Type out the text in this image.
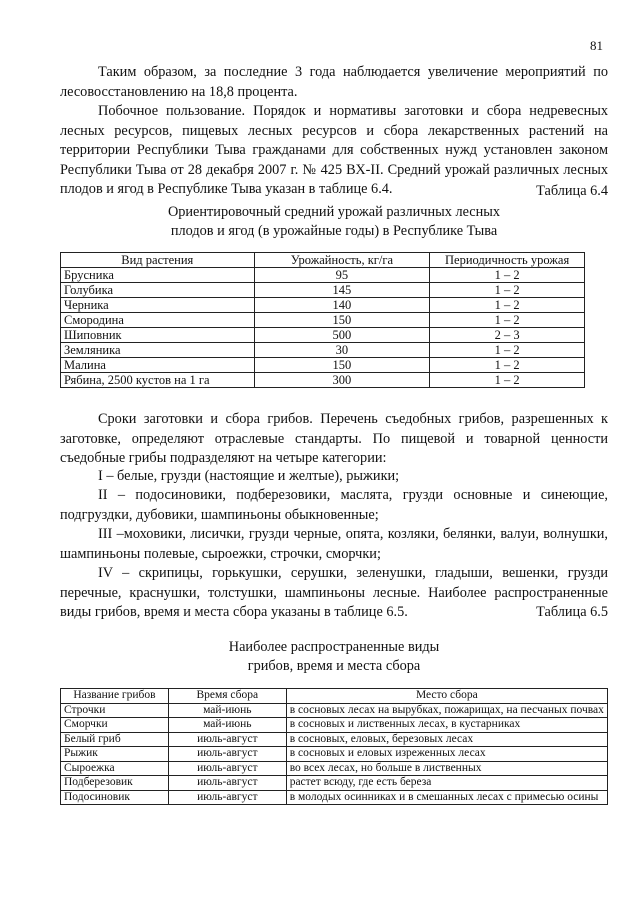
81

Таким образом, за последние 3 года наблюдается увеличение мероприятий по лесовосстановлению на 18,8 процента.

Побочное пользование. Порядок и нормативы заготовки и сбора недревесных лесных ресурсов, пищевых лесных ресурсов и сбора лекарственных растений на территории Республики Тыва гражданами для собственных нужд установлен законом Республики Тыва от 28 декабря 2007 г. № 425 ВХ-II. Средний урожай различных лесных плодов и ягод в Республике Тыва указан в таблице 6.4.	Таблица 6.4

Ориентировочный средний урожай различных лесных

плодов и ягод (в урожайные годы) в Республике Тыва

Вид растения	Урожайность, кг/га	Периодичность урожая
Брусника	95	1 – 2
Голубика	145	1 – 2
Черника	140	1 – 2
Смородина	150	1 – 2
Шиповник	500	2 – 3
Земляника	30	1 – 2
Малина	150	1 – 2
Рябина, 2500 кустов на 1 га	300	1 – 2

Сроки заготовки и сбора грибов. Перечень съедобных грибов, разрешенных к заготовке, определяют отраслевые стандарты. По пищевой и товарной ценности съедобные грибы подразделяют на четыре категории:

I – белые, грузди (настоящие и желтые), рыжики;

II – подосиновики, подберезовики, маслята, грузди основные и синеющие, подгруздки, дубовики, шампиньоны обыкновенные;

III –моховики, лисички, грузди черные, опята, козляки, белянки, валуи, волнушки, шампиньоны полевые, сыроежки, строчки, сморчки;

IV – скрипицы, горькушки, серушки, зеленушки, гладыши, вешенки, грузди перечные, краснушки, толстушки, шампиньоны лесные. Наиболее распространенные виды грибов, время и места сбора указаны в таблице 6.5.	Таблица 6.5

Наиболее распространенные виды

грибов, время и места сбора

Название грибов	Время сбора	Место сбора
Строчки	май-июнь	в сосновых лесах на вырубках, пожарищах, на песчаных почвах
Сморчки	май-июнь	в сосновых и лиственных лесах, в кустарниках
Белый гриб	июль-август	в сосновых, еловых, березовых лесах
Рыжик	июль-август	в сосновых и еловых изреженных лесах
Сыроежка	июль-август	во всех лесах, но больше в лиственных
Подберезовик	июль-август	растет всюду, где есть береза
Подосиновик	июль-август	в молодых осинниках и в смешанных лесах с примесью осины
